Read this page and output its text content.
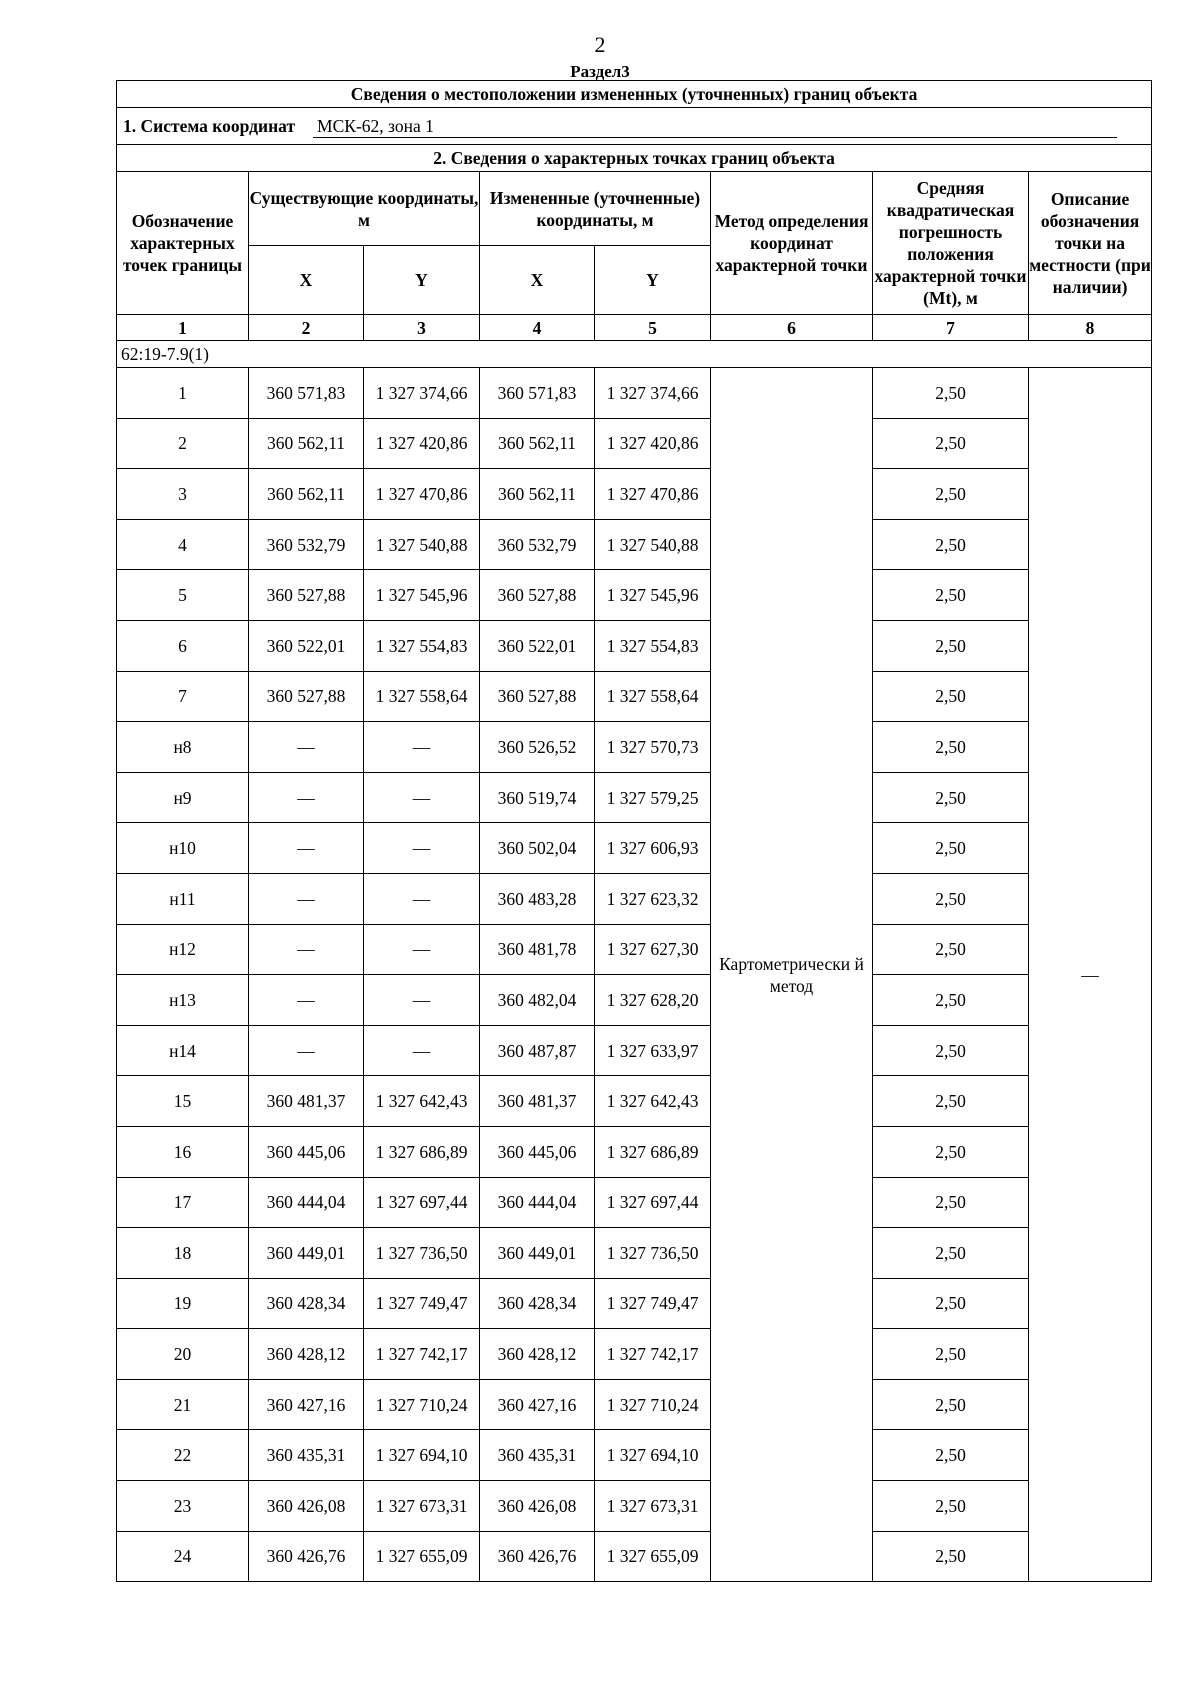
2
Раздел3
Сведения о местоположении измененных (уточненных) границ объекта							
1. Система координат МСК-62, зона 1							
2. Сведения о характерных точках границ объекта							
Обозначение характерных точек границы	Существующие координаты, м		Измененные (уточненные) координаты, м		Метод определения координат характерной точки	Средняя квадратическая погрешность положения характерной точки (Mt), м	Описание обозначения точки на местности (при наличии)
	X	Y	X	Y			
1	2	3	4	5	6	7	8
62:19-7.9(1)							
1	360 571,83	1 327 374,66	360 571,83	1 327 374,66	Картометрически й метод	2,50	—
2	360 562,11	1 327 420,86	360 562,11	1 327 420,86		2,50	
3	360 562,11	1 327 470,86	360 562,11	1 327 470,86		2,50	
4	360 532,79	1 327 540,88	360 532,79	1 327 540,88		2,50	
5	360 527,88	1 327 545,96	360 527,88	1 327 545,96		2,50	
6	360 522,01	1 327 554,83	360 522,01	1 327 554,83		2,50	
7	360 527,88	1 327 558,64	360 527,88	1 327 558,64		2,50	
н8	—	—	360 526,52	1 327 570,73		2,50	
н9	—	—	360 519,74	1 327 579,25		2,50	
н10	—	—	360 502,04	1 327 606,93		2,50	
н11	—	—	360 483,28	1 327 623,32		2,50	
н12	—	—	360 481,78	1 327 627,30		2,50	
н13	—	—	360 482,04	1 327 628,20		2,50	
н14	—	—	360 487,87	1 327 633,97		2,50	
15	360 481,37	1 327 642,43	360 481,37	1 327 642,43		2,50	
16	360 445,06	1 327 686,89	360 445,06	1 327 686,89		2,50	
17	360 444,04	1 327 697,44	360 444,04	1 327 697,44		2,50	
18	360 449,01	1 327 736,50	360 449,01	1 327 736,50		2,50	
19	360 428,34	1 327 749,47	360 428,34	1 327 749,47		2,50	
20	360 428,12	1 327 742,17	360 428,12	1 327 742,17		2,50	
21	360 427,16	1 327 710,24	360 427,16	1 327 710,24		2,50	
22	360 435,31	1 327 694,10	360 435,31	1 327 694,10		2,50	
23	360 426,08	1 327 673,31	360 426,08	1 327 673,31		2,50	
24	360 426,76	1 327 655,09	360 426,76	1 327 655,09		2,50	
